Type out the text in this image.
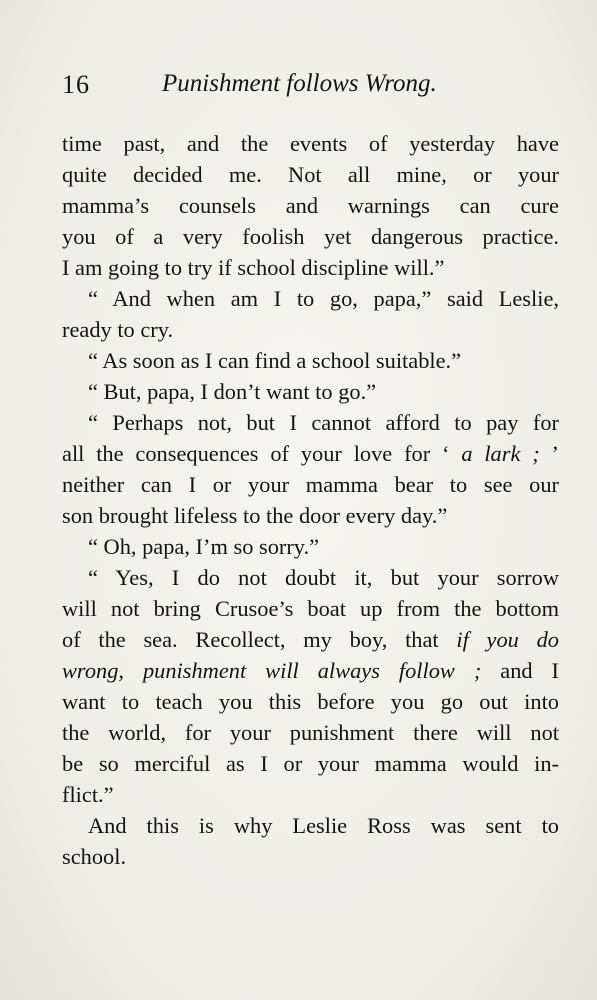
16	Punishment follows Wrong.
time past, and the events of yesterday have
quite decided me. Not all mine, or your
mamma’s counsels and warnings can cure
you of a very foolish yet dangerous practice.
I am going to try if school discipline will.”
“ And when am I to go, papa,” said Leslie,
ready to cry.
“ As soon as I can find a school suitable.”
“ But, papa, I don’t want to go.”
“ Perhaps not, but I cannot afford to pay for
all the consequences of your love for ‘ a lark ; ’
neither can I or your mamma bear to see our
son brought lifeless to the door every day.”
“ Oh, papa, I’m so sorry.”
“ Yes, I do not doubt it, but your sorrow
will not bring Crusoe’s boat up from the bottom
of the sea. Recollect, my boy, that if you do
wrong, punishment will always follow ; and I
want to teach you this before you go out into
the world, for your punishment there will not
be so merciful as I or your mamma would in-
flict.”
And this is why Leslie Ross was sent to
school.
